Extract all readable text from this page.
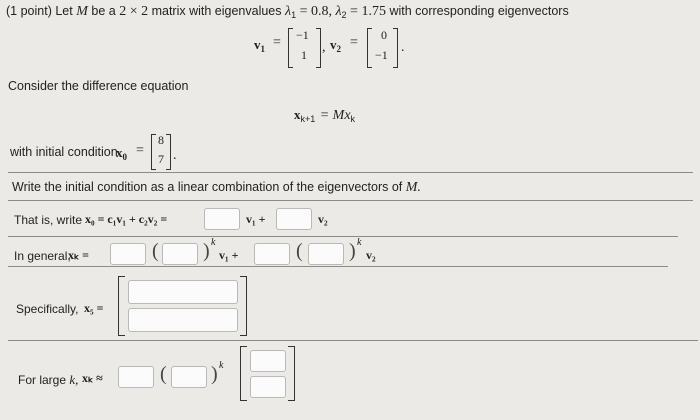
(1 point) Let M be a 2 × 2 matrix with eigenvalues $\lambda_1 = 0.8$, $\lambda_2 = 1.75$ with corresponding eigenvectors
$v_1 = -1$
1 , $v_2 = 0$
−1 .
Consider the difference equation
$x_{k+1} = Mx_k$
with initial condition
$x_0$ =
8
7 .
Write the initial condition as a linear combination of the eigenvectors of M.
That is, write x₀ = c₁v₁ + c₂v₂ =	v₁ +	v₂
In general,
xₖ =	( ) k
v₁ +	( ) k
v₂
Specifically, x₅ =
For large k, xₖ ≈	( ) k
